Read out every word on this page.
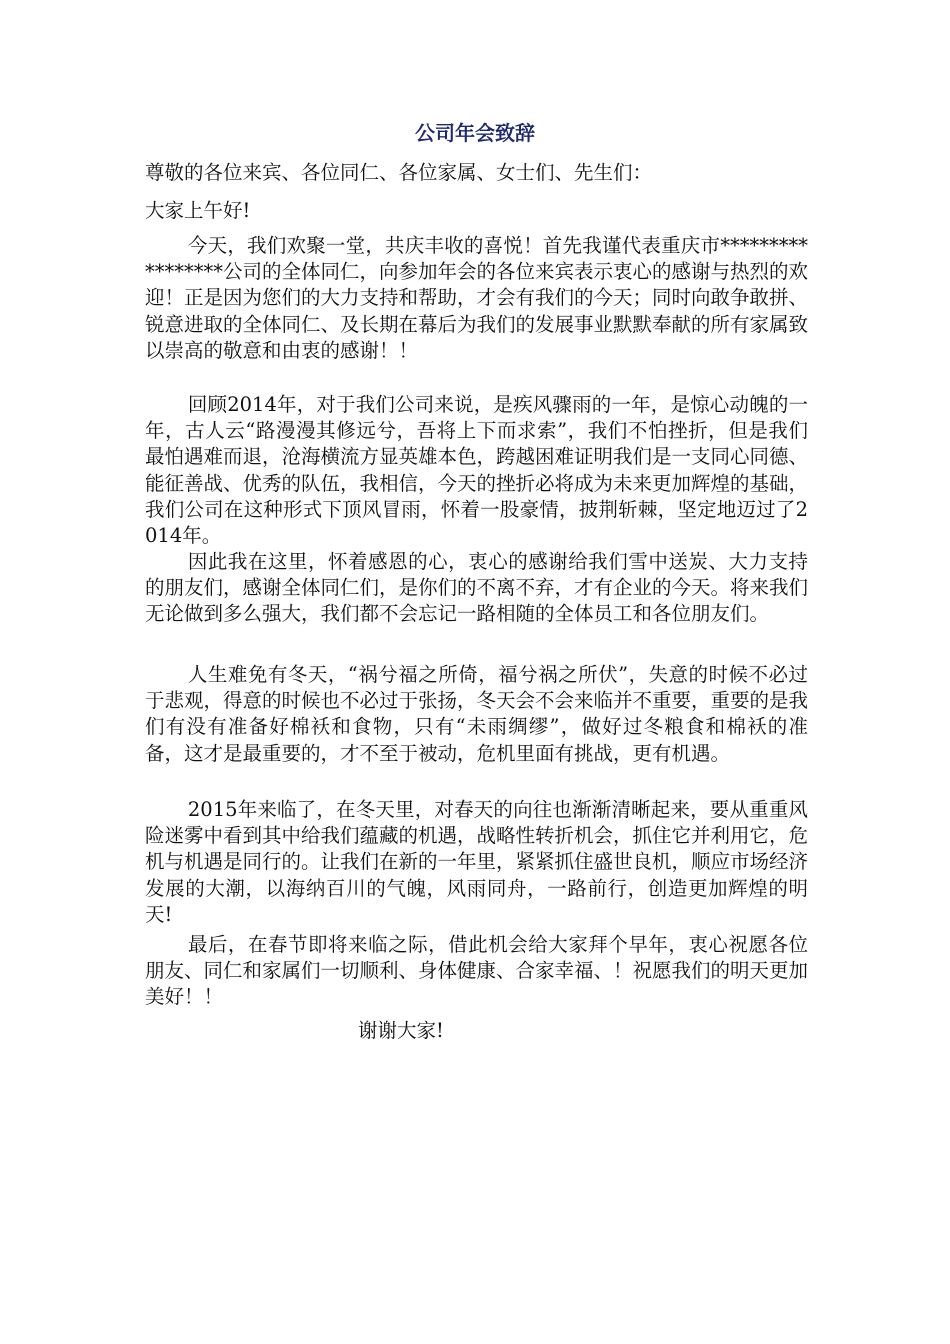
公司年会致辞

尊敬的各位来宾、各位同仁、各位家属、女士们、先生们：

大家上午好!

今天，我们欢聚一堂，共庆丰收的喜悦！首先我谨代表重庆市*****************公司的全体同仁，向参加年会的各位来宾表示衷心的感谢与热烈的欢迎！正是因为您们的大力支持和帮助，才会有我们的今天；同时向敢争敢拼、锐意进取的全体同仁、及长期在幕后为我们的发展事业默默奉献的所有家属致以崇高的敬意和由衷的感谢！！

回顾2014年，对于我们公司来说，是疾风骤雨的一年，是惊心动魄的一年，古人云“路漫漫其修远兮，吾将上下而求索”，我们不怕挫折，但是我们最怕遇难而退，沧海横流方显英雄本色，跨越困难证明我们是一支同心同德、能征善战、优秀的队伍，我相信，今天的挫折必将成为未来更加辉煌的基础，我们公司在这种形式下顶风冒雨，怀着一股豪情，披荆斩棘，坚定地迈过了2014年。

因此我在这里，怀着感恩的心，衷心的感谢给我们雪中送炭、大力支持的朋友们，感谢全体同仁们，是你们的不离不弃，才有企业的今天。将来我们无论做到多么强大，我们都不会忘记一路相随的全体员工和各位朋友们。

人生难免有冬天，“祸兮福之所倚，福兮祸之所伏”，失意的时候不必过于悲观，得意的时候也不必过于张扬，冬天会不会来临并不重要，重要的是我们有没有准备好棉袄和食物，只有“未雨绸缪”，做好过冬粮食和棉袄的准备，这才是最重要的，才不至于被动，危机里面有挑战，更有机遇。

2015年来临了，在冬天里，对春天的向往也渐渐清晰起来，要从重重风险迷雾中看到其中给我们蕴藏的机遇，战略性转折机会，抓住它并利用它，危机与机遇是同行的。让我们在新的一年里，紧紧抓住盛世良机，顺应市场经济发展的大潮，以海纳百川的气魄，风雨同舟，一路前行，创造更加辉煌的明天!

最后，在春节即将来临之际，借此机会给大家拜个早年，衷心祝愿各位朋友、同仁和家属们一切顺利、身体健康、合家幸福、！祝愿我们的明天更加美好！！

谢谢大家!
